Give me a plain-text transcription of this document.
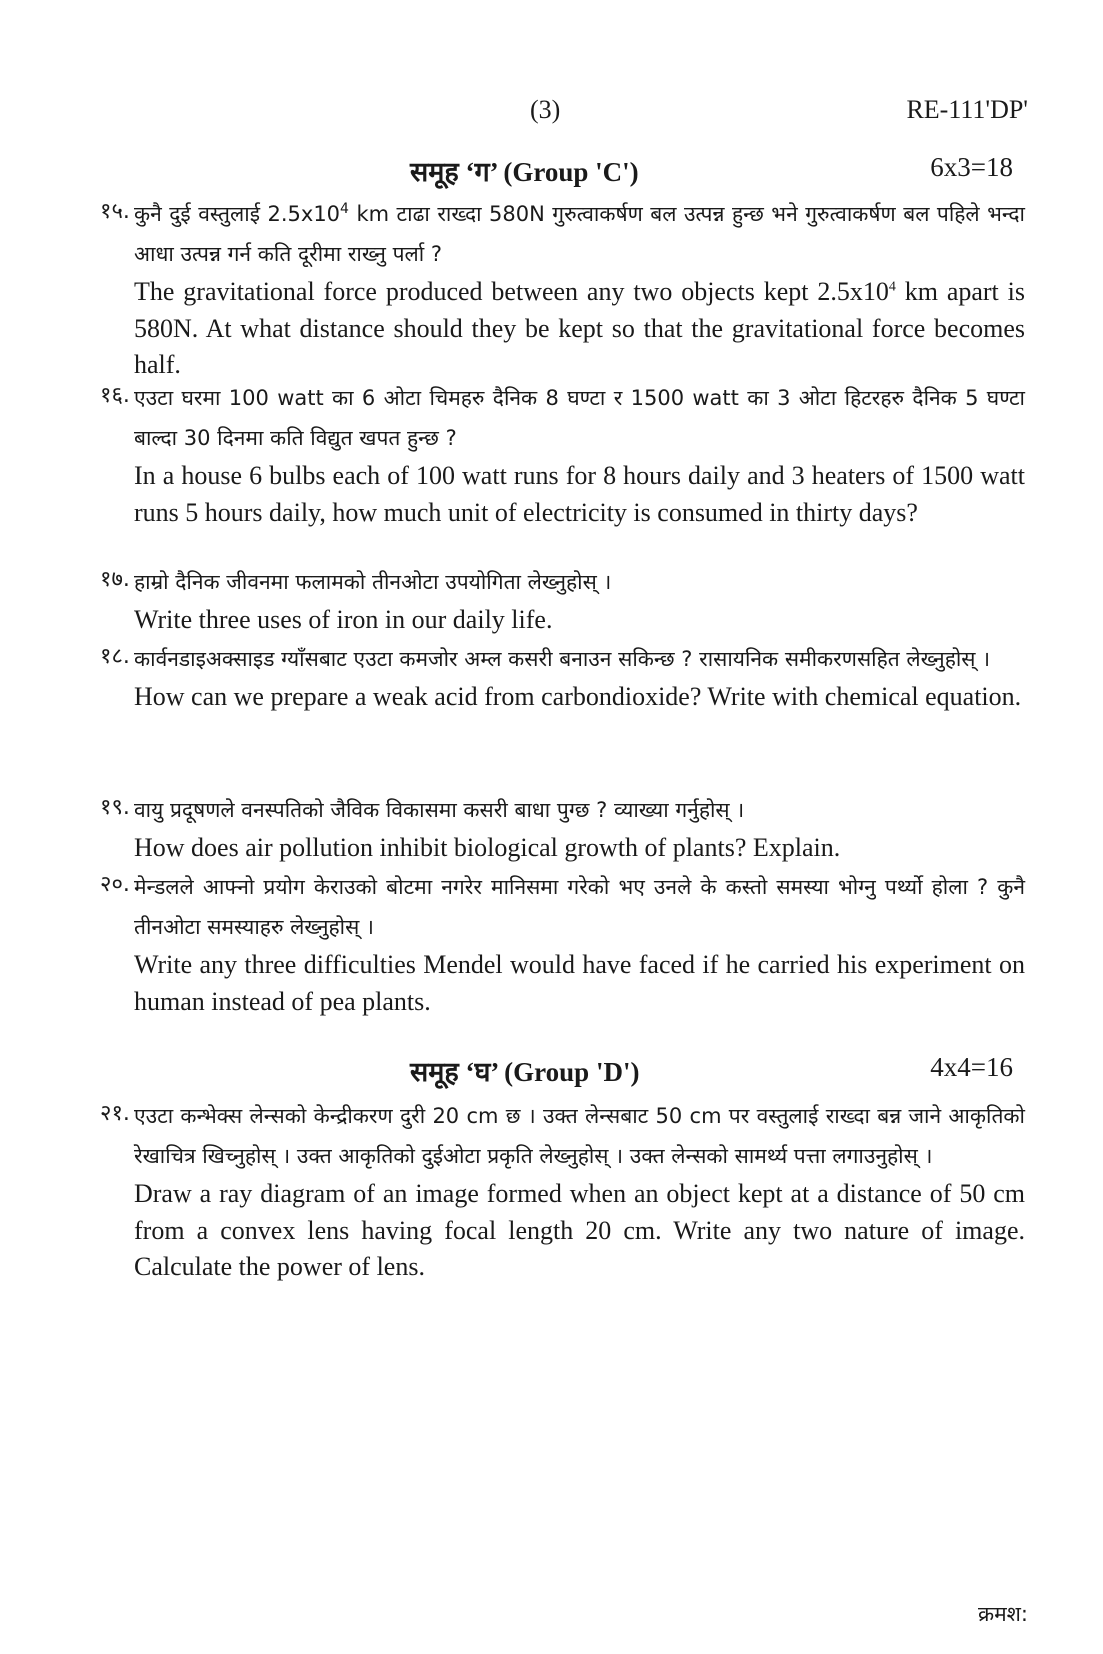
(3)	RE-111'DP'
समूह ‘ग’ (Group 'C')	6x3=18
१५. कुनै दुई वस्तुलाई $2.5x10^4$ km टाढा राख्दा 580N गुरुत्वाकर्षण बल उत्पन्न हुन्छ भने गुरुत्वाकर्षण बल पहिले भन्दा आधा उत्पन्न गर्न कति दूरीमा राख्नु पर्ला ?
The gravitational force produced between any two objects kept $2.5x10^4$ km apart is 580N. At what distance should they be kept so that the gravitational force becomes half.
१६. एउटा घरमा 100 watt का 6 ओटा चिमहरु दैनिक 8 घण्टा र 1500 watt का 3 ओटा हिटरहरु दैनिक 5 घण्टा बाल्दा 30 दिनमा कति विद्युत खपत हुन्छ ?
In a house 6 bulbs each of 100 watt runs for 8 hours daily and 3 heaters of 1500 watt runs 5 hours daily, how much unit of electricity is consumed in thirty days?
१७. हाम्रो दैनिक जीवनमा फलामको तीनओटा उपयोगिता लेख्नुहोस् ।
Write three uses of iron in our daily life.
१८. कार्वनडाइअक्साइड ग्याँसबाट एउटा कमजोर अम्ल कसरी बनाउन सकिन्छ ? रासायनिक समीकरणसहित लेख्नुहोस् ।
How can we prepare a weak acid from carbondioxide? Write with chemical equation.
१९. वायु प्रदूषणले वनस्पतिको जैविक विकासमा कसरी बाधा पुग्छ ? व्याख्या गर्नुहोस् ।
How does air pollution inhibit biological growth of plants? Explain.
२०. मेन्डलले आफ्नो प्रयोग केराउको बोटमा नगरेर मानिसमा गरेको भए उनले के कस्तो समस्या भोग्नु पर्थ्यो होला ? कुनै तीनओटा समस्याहरु लेख्नुहोस् ।
Write any three difficulties Mendel would have faced if he carried his experiment on human instead of pea plants.
समूह ‘घ’ (Group 'D')	4x4=16
२१. एउटा कन्भेक्स लेन्सको केन्द्रीकरण दुरी 20 cm छ । उक्त लेन्सबाट 50 cm पर वस्तुलाई राख्दा बन्न जाने आकृतिको रेखाचित्र खिच्नुहोस् । उक्त आकृतिको दुईओटा प्रकृति लेख्नुहोस् । उक्त लेन्सको सामर्थ्य पत्ता लगाउनुहोस् ।
Draw a ray diagram of an image formed when an object kept at a distance of 50 cm from a convex lens having focal length 20 cm. Write any two nature of image. Calculate the power of lens.
क्रमश:
